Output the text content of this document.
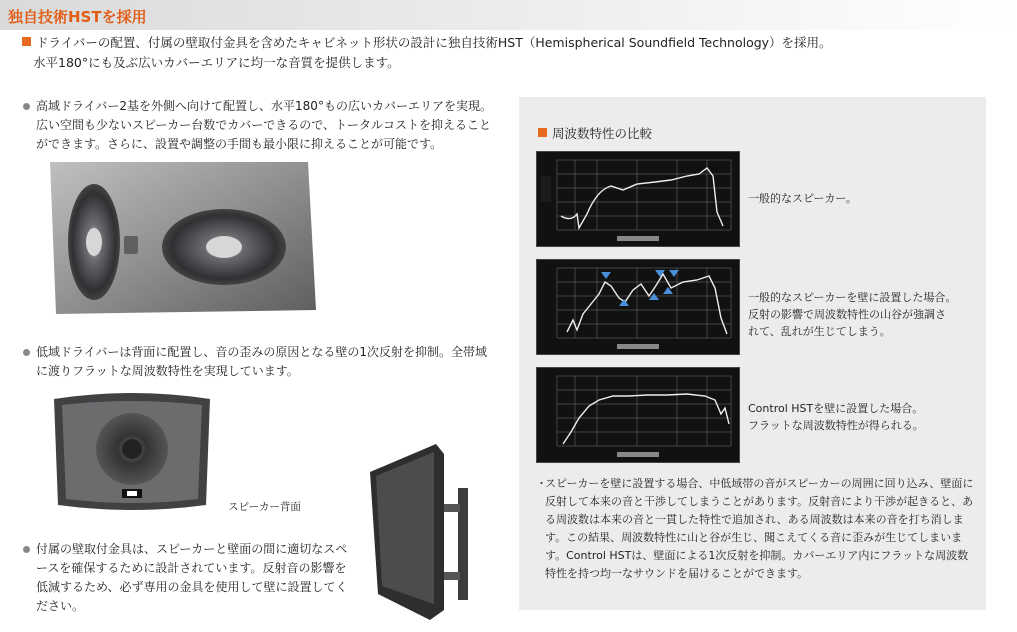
独自技術HSTを採用
ドライバーの配置、付属の壁取付金具を含めたキャビネット形状の設計に独自技術HST（Hemispherical Soundfield Technology）を採用。
水平180°にも及ぶ広いカバーエリアに均一な音質を提供します。
高域ドライバー2基を外側へ向けて配置し、水平180°もの広いカバーエリアを実現。広い空間も少ないスピーカー台数でカバーできるので、トータルコストを抑えることができます。さらに、設置や調整の手間も最小限に抑えることが可能です。
低域ドライバーは背面に配置し、音の歪みの原因となる壁の1次反射を抑制。全帯域に渡りフラットな周波数特性を実現しています。
スピーカー背面
付属の壁取付金具は、スピーカーと壁面の間に適切なスペースを確保するために設計されています。反射音の影響を低減するため、必ず専用の金具を使用して壁に設置してください。
周波数特性の比較
一般的なスピーカー。
一般的なスピーカーを壁に設置した場合。
反射の影響で周波数特性の山谷が強調さ
れて、乱れが生じてしまう。
Control HSTを壁に設置した場合。
フラットな周波数特性が得られる。
・
スピーカーを壁に設置する場合、中低域帯の音がスピーカーの周囲に回り込み、壁面に反射して本来の音と干渉してしまうことがあります。反射音により干渉が起きると、ある周波数は本来の音と一貫した特性で追加され、ある周波数は本来の音を打ち消します。この結果、周波数特性に山と谷が生じ、聞こえてくる音に歪みが生じてしまいます。Control HSTは、壁面による1次反射を抑制。カバーエリア内にフラットな周波数特性を持つ均一なサウンドを届けることができます。
